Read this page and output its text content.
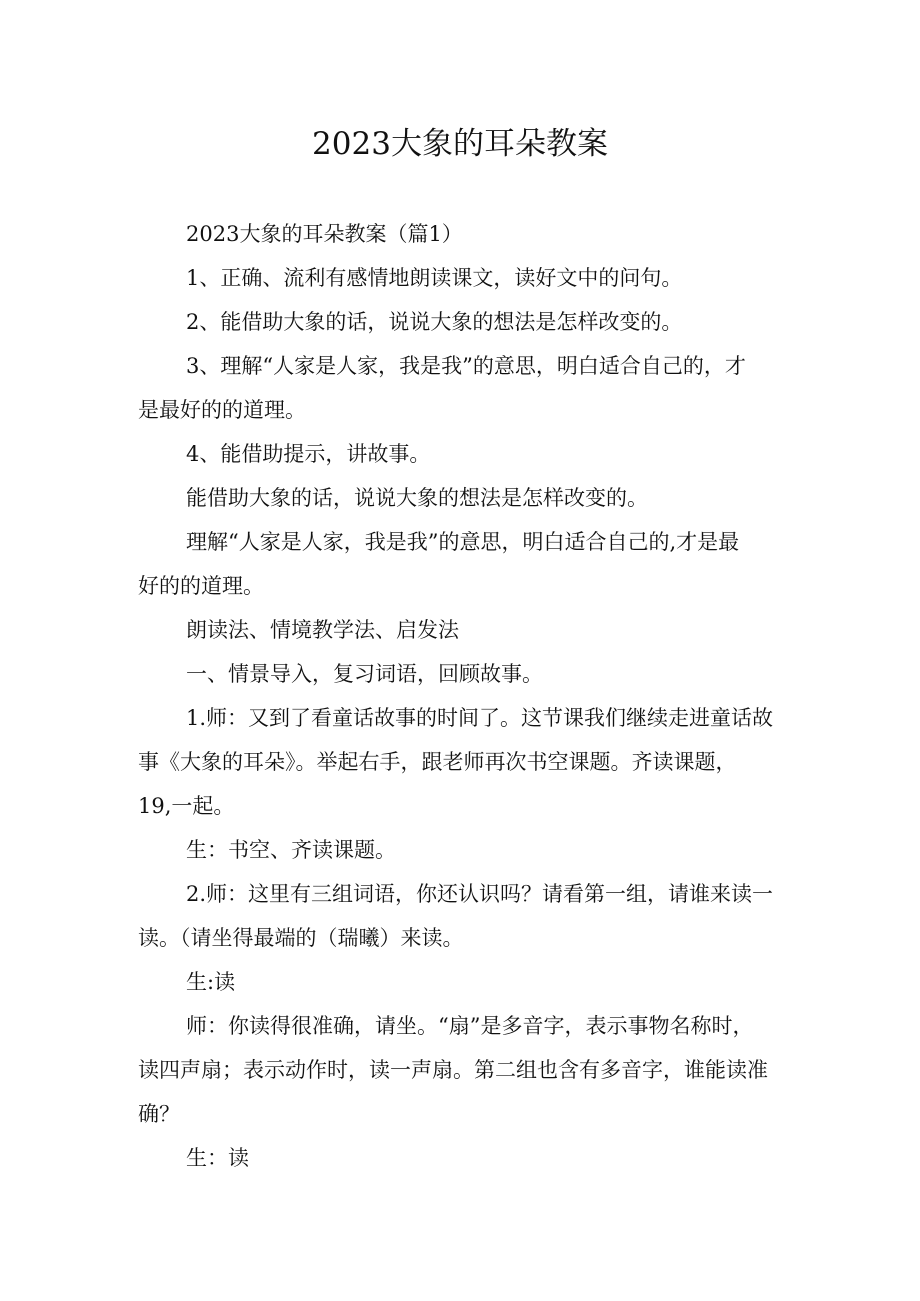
2023大象的耳朵教案

2023大象的耳朵教案（篇1）

1、正确、流利有感情地朗读课文，读好文中的问句。

2、能借助大象的话，说说大象的想法是怎样改变的。

3、理解“人家是人家，我是我”的意思，明白适合自己的，才

是最好的的道理。

4、能借助提示，讲故事。

能借助大象的话，说说大象的想法是怎样改变的。

理解“人家是人家，我是我”的意思，明白适合自己的,才是最

好的的道理。

朗读法、情境教学法、启发法

一、情景导入，复习词语，回顾故事。

1.师：又到了看童话故事的时间了。这节课我们继续走进童话故

事《大象的耳朵》。举起右手，跟老师再次书空课题。齐读课题，

19,一起。

生：书空、齐读课题。

2.师：这里有三组词语，你还认识吗？请看第一组，请谁来读一

读。（请坐得最端的（瑞曦）来读。

生:读

师：你读得很准确，请坐。“扇”是多音字，表示事物名称时，

读四声扇；表示动作时，读一声扇。第二组也含有多音字，谁能读准

确？

生：读
